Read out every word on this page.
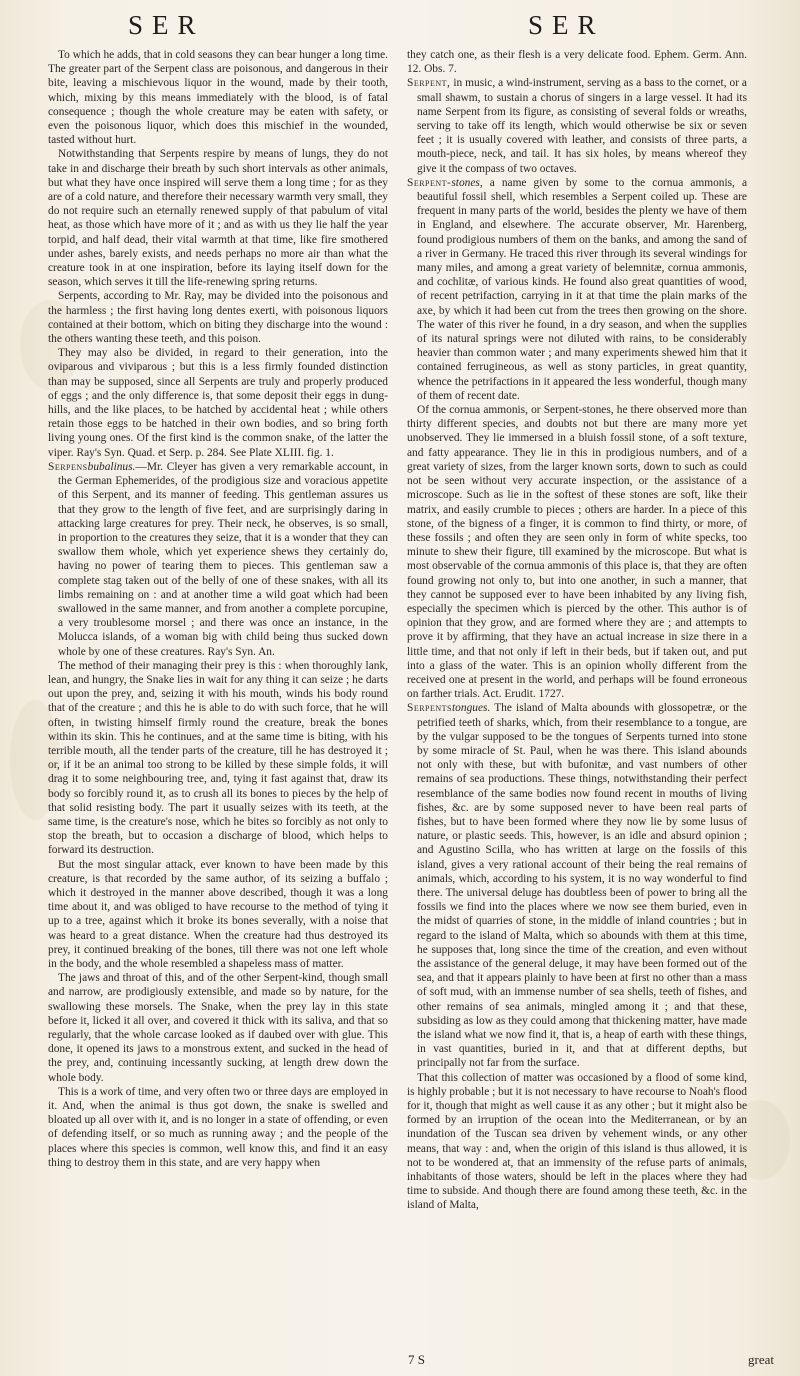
SER	SER

To which he adds, that in cold seasons they can bear hunger a long time. The greater part of the Serpent class are poisonous, and dangerous in their bite, leaving a mischievous liquor in the wound, made by their tooth, which, mixing by this means immediately with the blood, is of fatal consequence ; though the whole creature may be eaten with safety, or even the poisonous liquor, which does this mischief in the wounded, tasted without hurt.

Notwithstanding that Serpents respire by means of lungs, they do not take in and discharge their breath by such short intervals as other animals, but what they have once inspired will serve them a long time ; for as they are of a cold nature, and therefore their necessary warmth very small, they do not require such an eternally renewed supply of that pabulum of vital heat, as those which have more of it ; and as with us they lie half the year torpid, and half dead, their vital warmth at that time, like fire smothered under ashes, barely exists, and needs perhaps no more air than what the creature took in at one inspiration, before its laying itself down for the season, which serves it till the life-renewing spring returns.

Serpents, according to Mr. Ray, may be divided into the poisonous and the harmless ; the first having long dentes exerti, with poisonous liquors contained at their bottom, which on biting they discharge into the wound : the others wanting these teeth, and this poison.

They may also be divided, in regard to their generation, into the oviparous and viviparous ; but this is a less firmly founded distinction than may be supposed, since all Serpents are truly and properly produced of eggs ; and the only difference is, that some deposit their eggs in dung-hills, and the like places, to be hatched by accidental heat ; while others retain those eggs to be hatched in their own bodies, and so bring forth living young ones. Of the first kind is the common snake, of the latter the viper. Ray's Syn. Quad. et Serp. p. 284. See Plate XLIII. fig. 1.

Serpensbubalinus.—Mr. Cleyer has given a very remarkable account, in the German Ephemerides, of the prodigious size and voracious appetite of this Serpent, and its manner of feeding. This gentleman assures us that they grow to the length of five feet, and are surprisingly daring in attacking large creatures for prey. Their neck, he observes, is so small, in proportion to the creatures they seize, that it is a wonder that they can swallow them whole, which yet experience shews they certainly do, having no power of tearing them to pieces. This gentleman saw a complete stag taken out of the belly of one of these snakes, with all its limbs remaining on : and at another time a wild goat which had been swallowed in the same manner, and from another a complete porcupine, a very troublesome morsel ; and there was once an instance, in the Molucca islands, of a woman big with child being thus sucked down whole by one of these creatures. Ray's Syn. An.

The method of their managing their prey is this : when thoroughly lank, lean, and hungry, the Snake lies in wait for any thing it can seize ; he darts out upon the prey, and, seizing it with his mouth, winds his body round that of the creature ; and this he is able to do with such force, that he will often, in twisting himself firmly round the creature, break the bones within its skin. This he continues, and at the same time is biting, with his terrible mouth, all the tender parts of the creature, till he has destroyed it ; or, if it be an animal too strong to be killed by these simple folds, it will drag it to some neighbouring tree, and, tying it fast against that, draw its body so forcibly round it, as to crush all its bones to pieces by the help of that solid resisting body. The part it usually seizes with its teeth, at the same time, is the creature's nose, which he bites so forcibly as not only to stop the breath, but to occasion a discharge of blood, which helps to forward its destruction.

But the most singular attack, ever known to have been made by this creature, is that recorded by the same author, of its seizing a buffalo ; which it destroyed in the manner above described, though it was a long time about it, and was obliged to have recourse to the method of tying it up to a tree, against which it broke its bones severally, with a noise that was heard to a great distance. When the creature had thus destroyed its prey, it continued breaking of the bones, till there was not one left whole in the body, and the whole resembled a shapeless mass of matter.

The jaws and throat of this, and of the other Serpent-kind, though small and narrow, are prodigiously extensible, and made so by nature, for the swallowing these morsels. The Snake, when the prey lay in this state before it, licked it all over, and covered it thick with its saliva, and that so regularly, that the whole carcase looked as if daubed over with glue. This done, it opened its jaws to a monstrous extent, and sucked in the head of the prey, and, continuing incessantly sucking, at length drew down the whole body.

This is a work of time, and very often two or three days are employed in it. And, when the animal is thus got down, the snake is swelled and bloated up all over with it, and is no longer in a state of offending, or even of defending itself, or so much as running away ; and the people of the places where this species is common, well know this, and find it an easy thing to destroy them in this state, and are very happy when

they catch one, as their flesh is a very delicate food. Ephem. Germ. Ann. 12. Obs. 7.

Serpent, in music, a wind-instrument, serving as a bass to the cornet, or a small shawm, to sustain a chorus of singers in a large vessel. It had its name Serpent from its figure, as consisting of several folds or wreaths, serving to take off its length, which would otherwise be six or seven feet ; it is usually covered with leather, and consists of three parts, a mouth-piece, neck, and tail. It has six holes, by means whereof they give it the compass of two octaves.

Serpent-stones, a name given by some to the cornua ammonis, a beautiful fossil shell, which resembles a Serpent coiled up. These are frequent in many parts of the world, besides the plenty we have of them in England, and elsewhere. The accurate observer, Mr. Harenberg, found prodigious numbers of them on the banks, and among the sand of a river in Germany. He traced this river through its several windings for many miles, and among a great variety of belemnitæ, cornua ammonis, and cochlitæ, of various kinds. He found also great quantities of wood, of recent petrifaction, carrying in it at that time the plain marks of the axe, by which it had been cut from the trees then growing on the shore. The water of this river he found, in a dry season, and when the supplies of its natural springs were not diluted with rains, to be considerably heavier than common water ; and many experiments shewed him that it contained ferrugineous, as well as stony particles, in great quantity, whence the petrifactions in it appeared the less wonderful, though many of them of recent date.

Of the cornua ammonis, or Serpent-stones, he there observed more than thirty different species, and doubts not but there are many more yet unobserved. They lie immersed in a bluish fossil stone, of a soft texture, and fatty appearance. They lie in this in prodigious numbers, and of a great variety of sizes, from the larger known sorts, down to such as could not be seen without very accurate inspection, or the assistance of a microscope. Such as lie in the softest of these stones are soft, like their matrix, and easily crumble to pieces ; others are harder. In a piece of this stone, of the bigness of a finger, it is common to find thirty, or more, of these fossils ; and often they are seen only in form of white specks, too minute to shew their figure, till examined by the microscope. But what is most observable of the cornua ammonis of this place is, that they are often found growing not only to, but into one another, in such a manner, that they cannot be supposed ever to have been inhabited by any living fish, especially the specimen which is pierced by the other. This author is of opinion that they grow, and are formed where they are ; and attempts to prove it by affirming, that they have an actual increase in size there in a little time, and that not only if left in their beds, but if taken out, and put into a glass of the water. This is an opinion wholly different from the received one at present in the world, and perhaps will be found erroneous on farther trials. Act. Erudit. 1727.

Serpentstongues. The island of Malta abounds with glossopetræ, or the petrified teeth of sharks, which, from their resemblance to a tongue, are by the vulgar supposed to be the tongues of Serpents turned into stone by some miracle of St. Paul, when he was there. This island abounds not only with these, but with bufonitæ, and vast numbers of other remains of sea productions. These things, notwithstanding their perfect resemblance of the same bodies now found recent in mouths of living fishes, &c. are by some supposed never to have been real parts of fishes, but to have been formed where they now lie by some lusus of nature, or plastic seeds. This, however, is an idle and absurd opinion ; and Agustino Scilla, who has written at large on the fossils of this island, gives a very rational account of their being the real remains of animals, which, according to his system, it is no way wonderful to find there. The universal deluge has doubtless been of power to bring all the fossils we find into the places where we now see them buried, even in the midst of quarries of stone, in the middle of inland countries ; but in regard to the island of Malta, which so abounds with them at this time, he supposes that, long since the time of the creation, and even without the assistance of the general deluge, it may have been formed out of the sea, and that it appears plainly to have been at first no other than a mass of soft mud, with an immense number of sea shells, teeth of fishes, and other remains of sea animals, mingled among it ; and that these, subsiding as low as they could among that thickening matter, have made the island what we now find it, that is, a heap of earth with these things, in vast quantities, buried in it, and that at different depths, but principally not far from the surface.

That this collection of matter was occasioned by a flood of some kind, is highly probable ; but it is not necessary to have recourse to Noah's flood for it, though that might as well cause it as any other ; but it might also be formed by an irruption of the ocean into the Mediterranean, or by an inundation of the Tuscan sea driven by vehement winds, or any other means, that way : and, when the origin of this island is thus allowed, it is not to be wondered at, that an immensity of the refuse parts of animals, inhabitants of those waters, should be left in the places where they had time to subside. And though there are found among these teeth, &c. in the island of Malta,

7 S	great
